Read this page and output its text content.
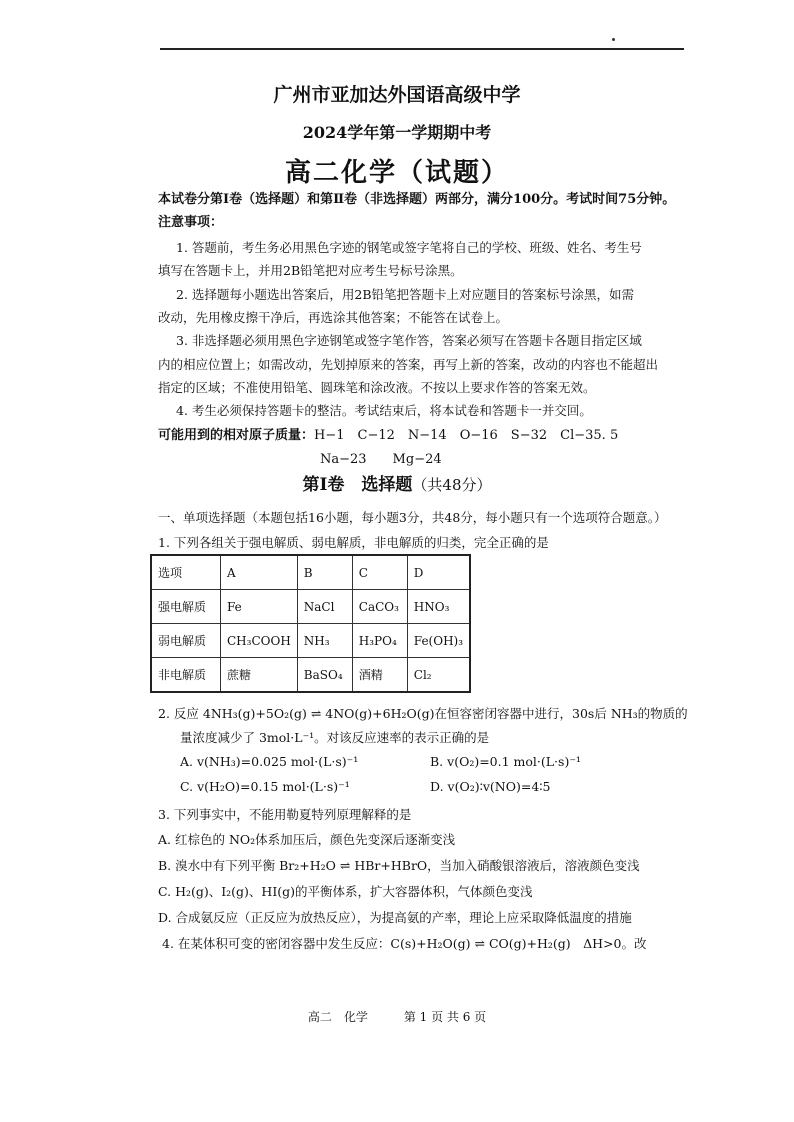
广州市亚加达外国语高级中学
2024学年第一学期期中考
高二化学（试题）
本试卷分第Ⅰ卷（选择题）和第Ⅱ卷（非选择题）两部分，满分100分。考试时间75分钟。
注意事项：
1. 答题前，考生务必用黑色字迹的钢笔或签字笔将自己的学校、班级、姓名、考生号
填写在答题卡上，并用2B铅笔把对应考生号标号涂黑。
2. 选择题每小题选出答案后，用2B铅笔把答题卡上对应题目的答案标号涂黑，如需
改动，先用橡皮擦干净后，再选涂其他答案；不能答在试卷上。
3. 非选择题必须用黑色字迹钢笔或签字笔作答，答案必须写在答题卡各题目指定区域
内的相应位置上；如需改动，先划掉原来的答案，再写上新的答案，改动的内容也不能超出
指定的区域；不准使用铅笔、圆珠笔和涂改液。不按以上要求作答的答案无效。
4. 考生必须保持答题卡的整洁。考试结束后，将本试卷和答题卡一并交回。
可能用到的相对原子质量：H−1　C−12　N−14　O−16　S−32　Cl−35. 5
Na−23　　Mg−24
第Ⅰ卷　选择题（共48分）
一、单项选择题（本题包括16小题，每小题3分，共48分，每小题只有一个选项符合题意。）
1. 下列各组关于强电解质、弱电解质，非电解质的归类，完全正确的是
选项	A	B	C	D
强电解质	Fe	NaCl	CaCO₃	HNO₃
弱电解质	CH₃COOH	NH₃	H₃PO₄	Fe(OH)₃
非电解质	蔗糖	BaSO₄	酒精	Cl₂
2. 反应 4NH₃(g)+5O₂(g) ⇌ 4NO(g)+6H₂O(g)在恒容密闭容器中进行，30s后 NH₃的物质的
量浓度减少了 3mol·L⁻¹。对该反应速率的表示正确的是
A. v(NH₃)=0.025 mol·(L·s)⁻¹	B. v(O₂)=0.1 mol·(L·s)⁻¹
C. v(H₂O)=0.15 mol·(L·s)⁻¹	D. v(O₂)∶v(NO)=4∶5
3. 下列事实中，不能用勒夏特列原理解释的是
A. 红棕色的 NO₂体系加压后，颜色先变深后逐渐变浅
B. 溴水中有下列平衡 Br₂+H₂O ⇌ HBr+HBrO，当加入硝酸银溶液后，溶液颜色变浅
C. H₂(g)、I₂(g)、HI(g)的平衡体系，扩大容器体积，气体颜色变浅
D. 合成氨反应（正反应为放热反应），为提高氨的产率，理论上应采取降低温度的措施
4. 在某体积可变的密闭容器中发生反应：C(s)+H₂O(g) ⇌ CO(g)+H₂(g)　ΔH>0。改
高二　化学　　　第 1 页 共 6 页
